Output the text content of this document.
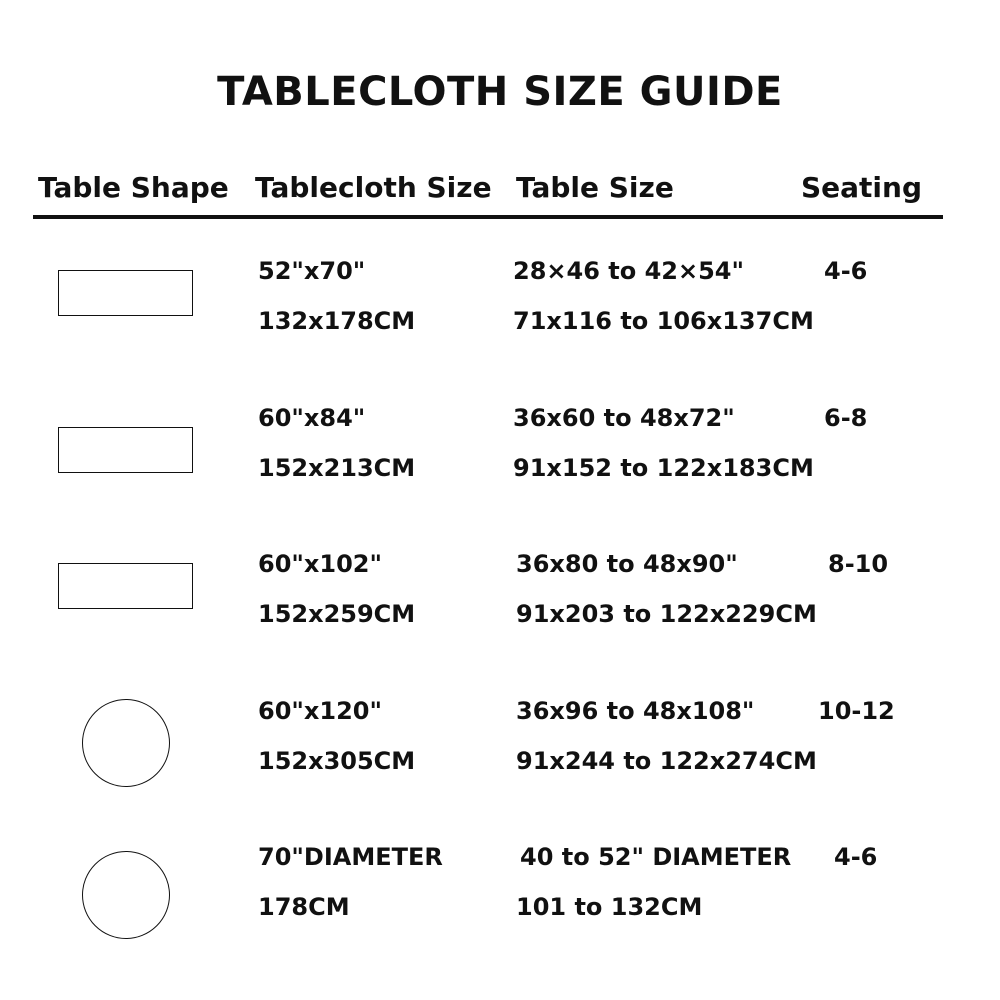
TABLECLOTH SIZE GUIDE
Table Shape Tablecloth Size Table Size	Seating
52"x70"
132x178CM
28×46 to 42×54"
71x116 to 106x137CM
4-6
60"x84"
152x213CM
36x60 to 48x72"
91x152 to 122x183CM
6-8
60"x102"
152x259CM
36x80 to 48x90"
91x203 to 122x229CM
8-10
60"x120"
152x305CM
36x96 to 48x108"
91x244 to 122x274CM
10-12
70"DIAMETER
178CM
40 to 52" DIAMETER
101 to 132CM
4-6
